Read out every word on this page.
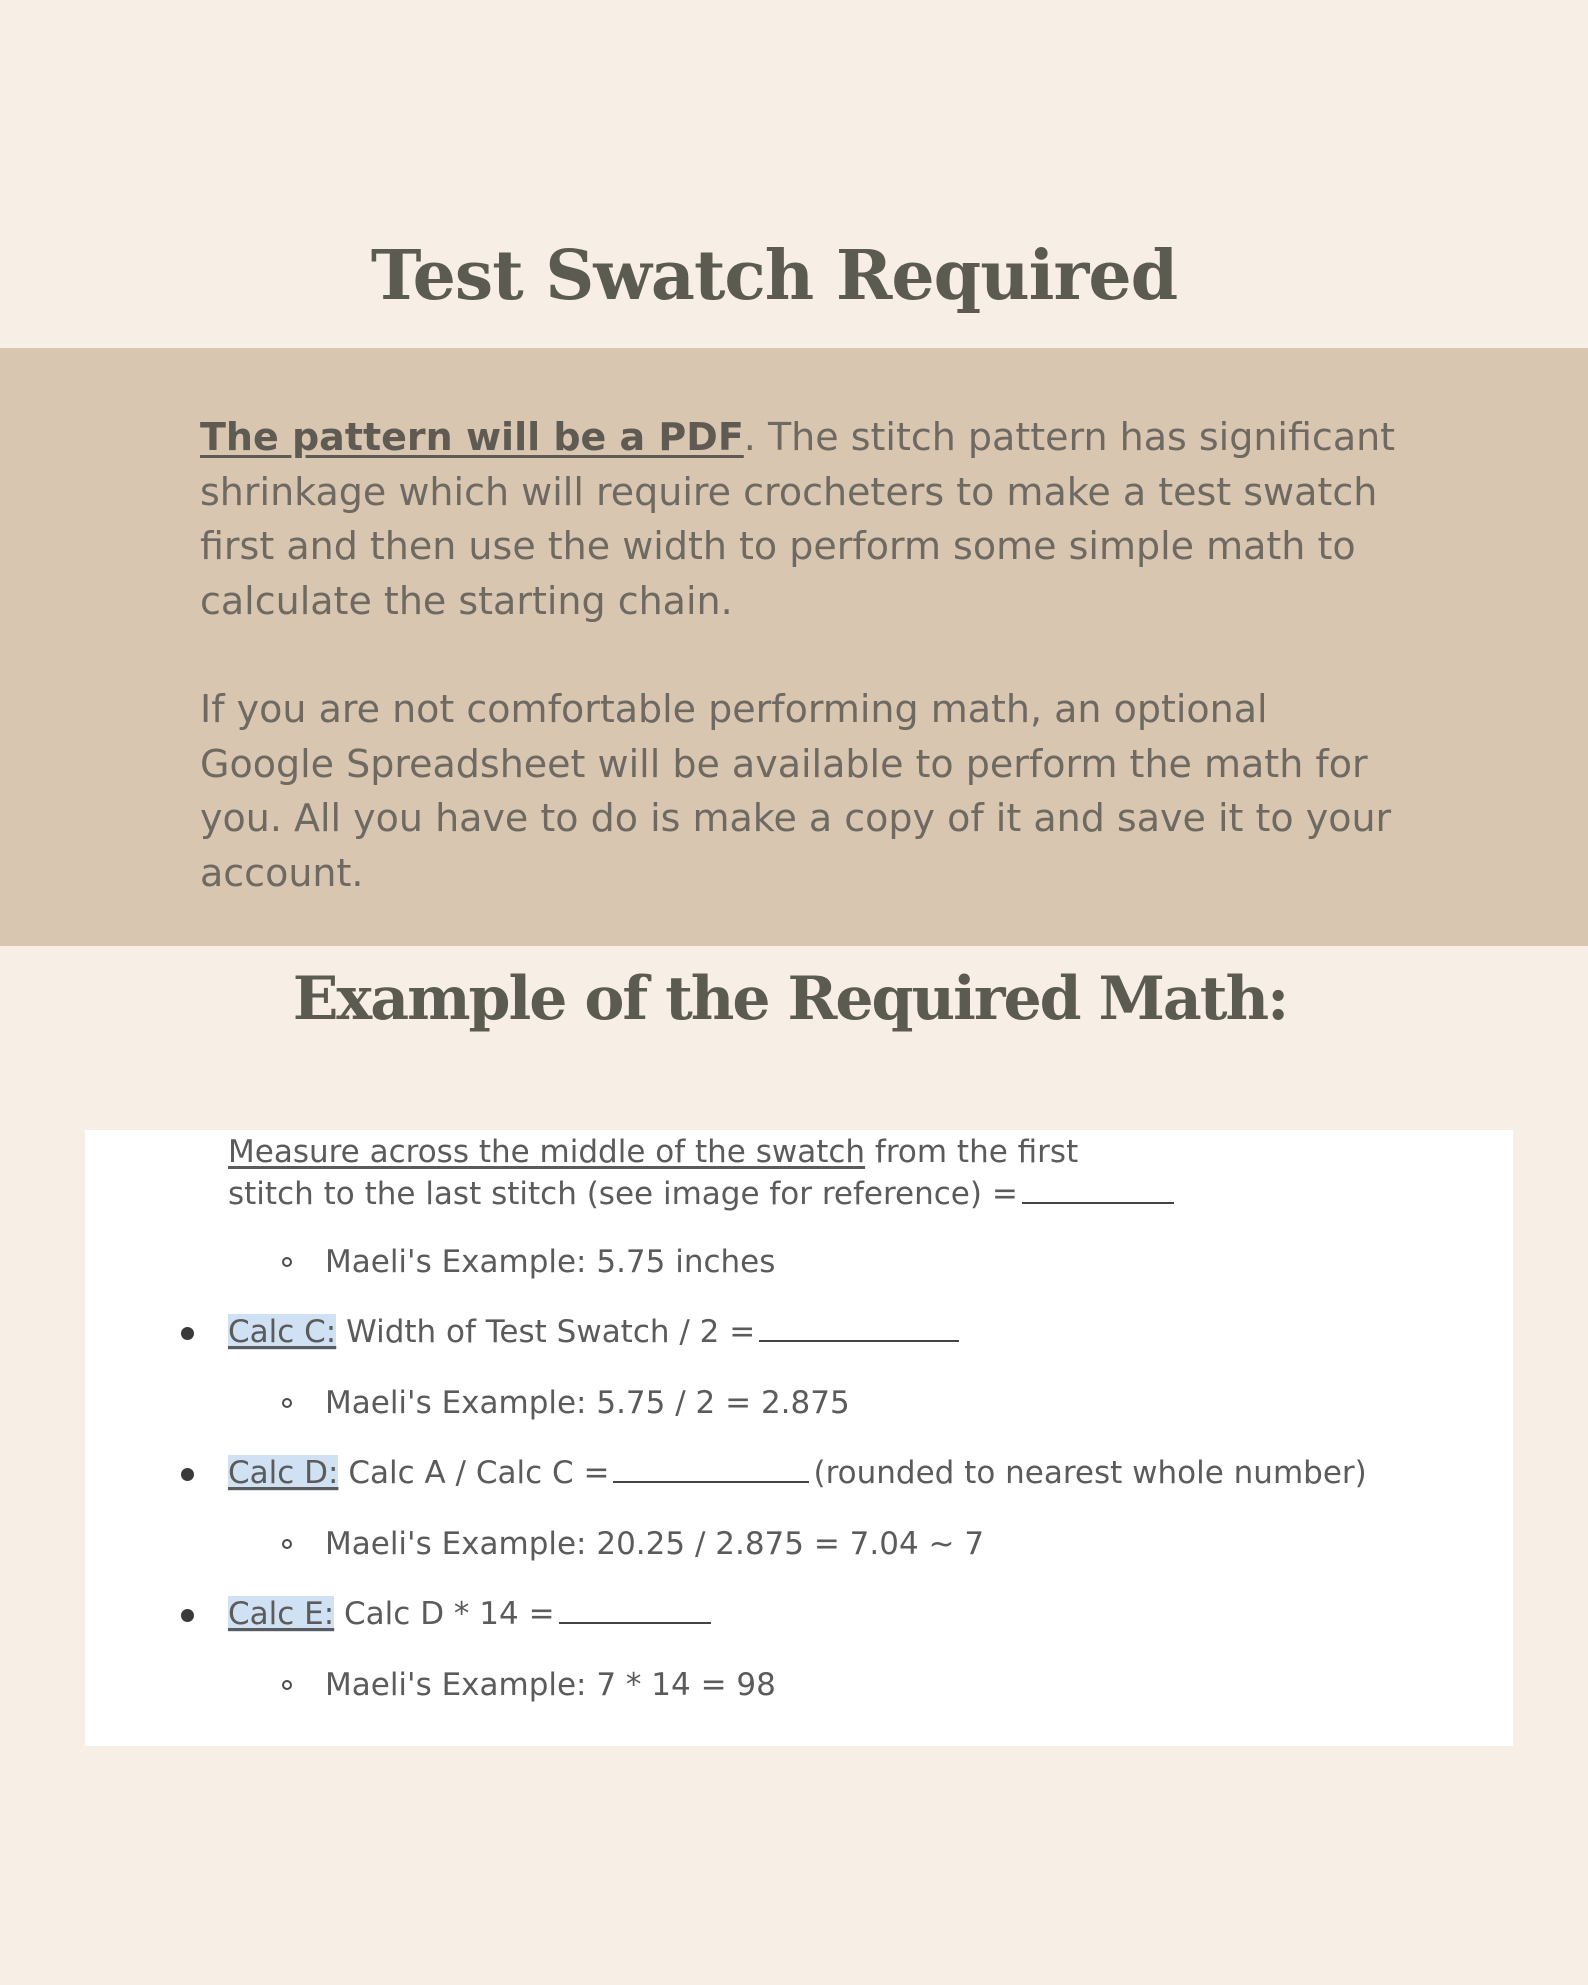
Test Swatch Required

The pattern will be a PDF. The stitch pattern has significant shrinkage which will require crocheters to make a test swatch first and then use the width to perform some simple math to calculate the starting chain.

If you are not comfortable performing math, an optional Google Spreadsheet will be available to perform the math for you. All you have to do is make a copy of it and save it to your account.

Example of the Required Math:
Measure across the middle of the swatch from the first
stitch to the last stitch (see image for reference) =
Maeli's Example: 5.75 inches
Calc C: Width of Test Swatch / 2 =
Maeli's Example: 5.75 / 2 = 2.875
Calc D: Calc A / Calc C =	(rounded to nearest whole number)
Maeli's Example: 20.25 / 2.875 = 7.04 ~ 7
Calc E: Calc D * 14 =
Maeli's Example: 7 * 14 = 98
